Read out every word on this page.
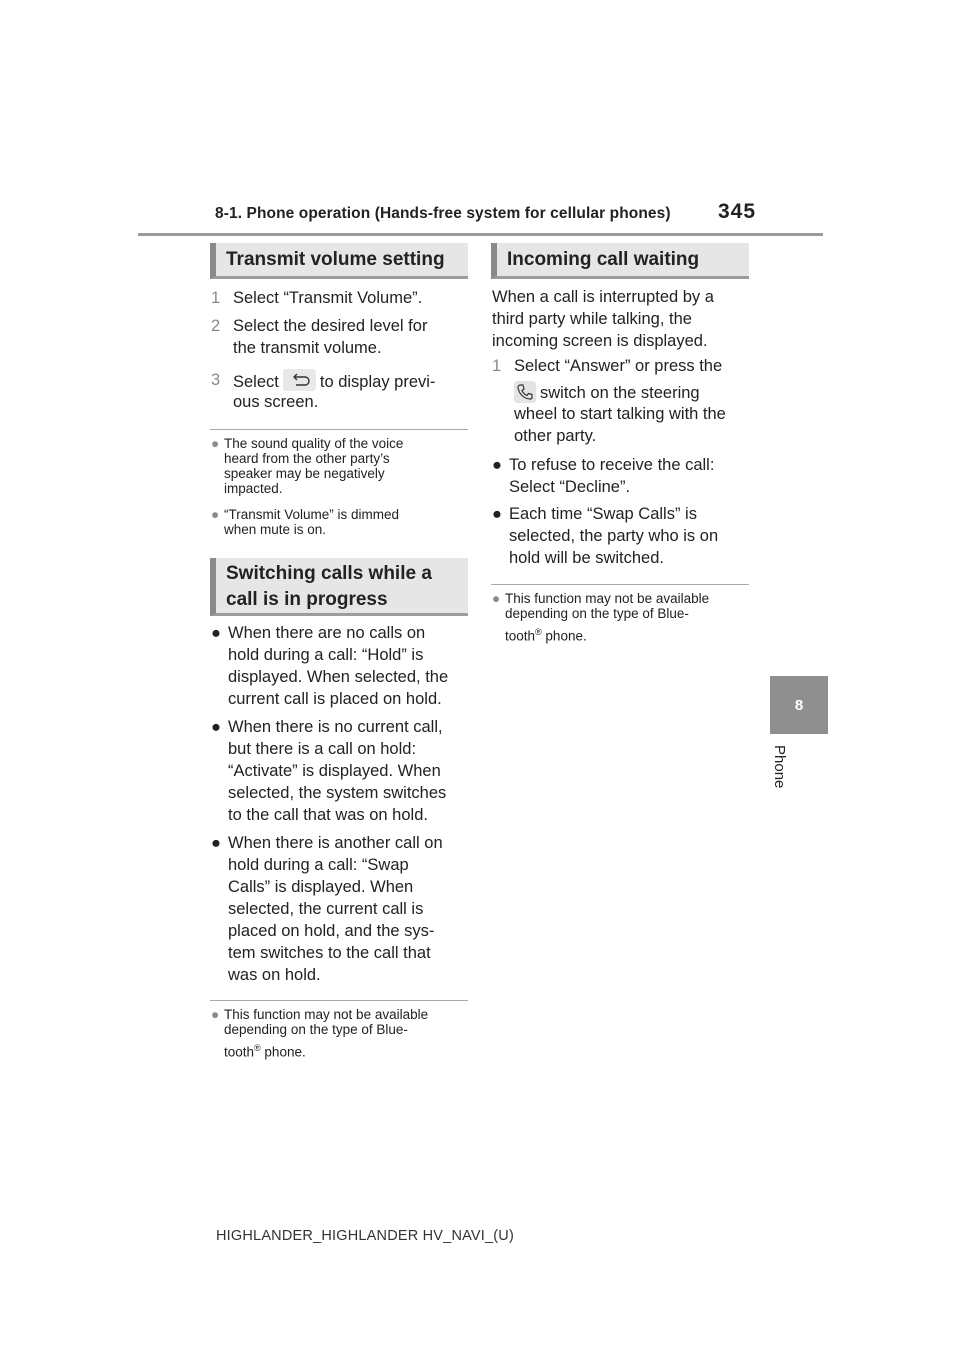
8-1. Phone operation (Hands-free system for cellular phones) 345
8
Phone
Transmit volume setting
1 Select “Transmit Volume”.
2 Select the desired level for
the transmit volume.
3 Select to display previ-
ous screen.
● The sound quality of the voice
heard from the other party’s
speaker may be negatively
impacted.
● “Transmit Volume” is dimmed
when mute is on.
Switching calls while a
call is in progress
● When there are no calls on
hold during a call: “Hold” is
displayed. When selected, the
current call is placed on hold.
● When there is no current call,
but there is a call on hold:
“Activate” is displayed. When
selected, the system switches
to the call that was on hold.
● When there is another call on
hold during a call: “Swap
Calls” is displayed. When
selected, the current call is
placed on hold, and the sys-
tem switches to the call that
was on hold.
● This function may not be available
depending on the type of Blue-
tooth® phone.
Incoming call waiting
When a call is interrupted by a
third party while talking, the
incoming screen is displayed.
1 Select “Answer” or press the
switch on the steering
wheel to start talking with the
other party.
● To refuse to receive the call:
Select “Decline”.
● Each time “Swap Calls” is
selected, the party who is on
hold will be switched.
● This function may not be available
depending on the type of Blue-
tooth® phone.
HIGHLANDER_HIGHLANDER HV_NAVI_(U)
